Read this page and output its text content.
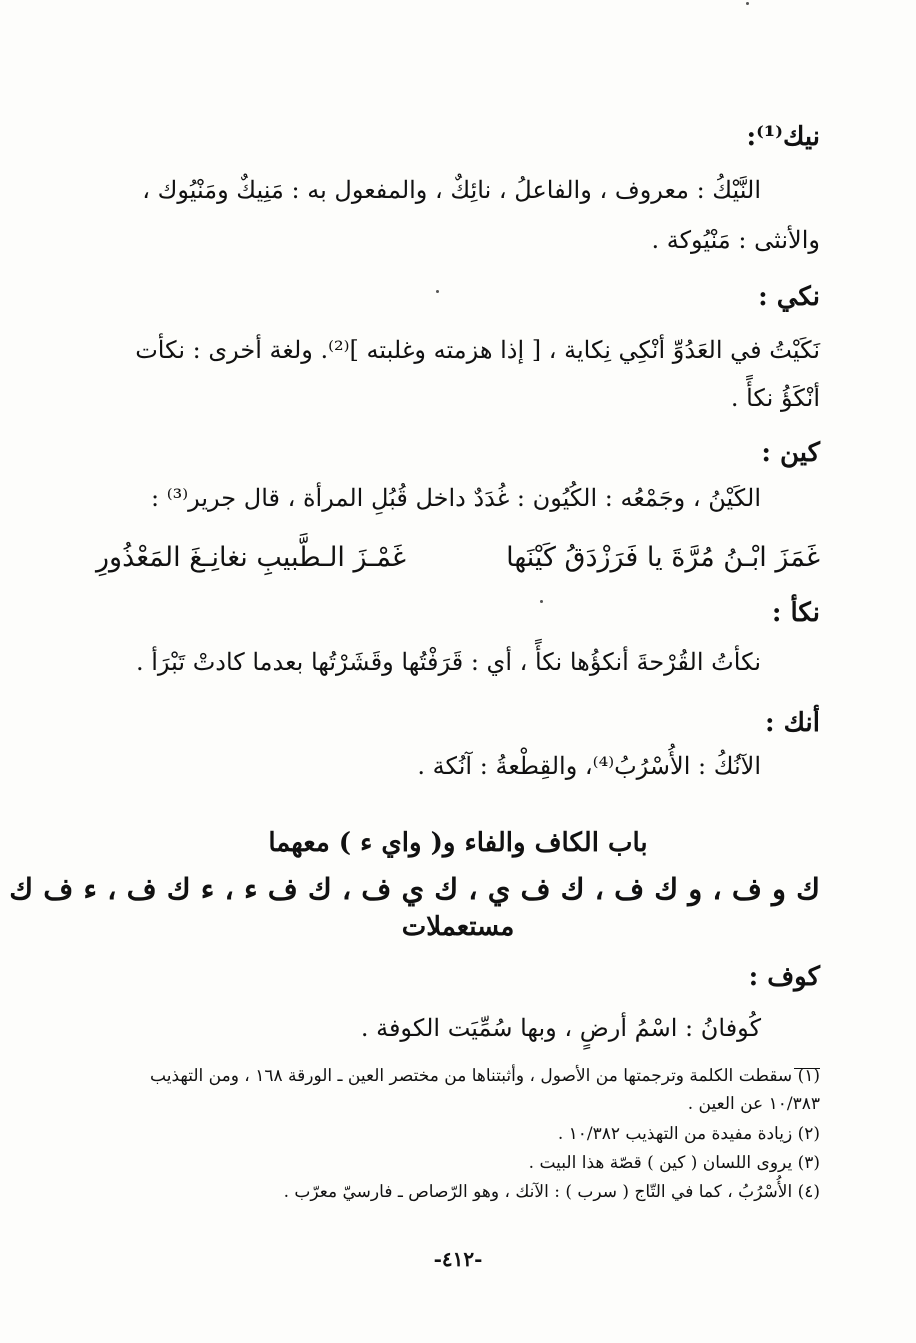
نيك⁽¹⁾:
النَّيْكُ : معروف ، والفاعلُ ، نائِكٌ ، والمفعول به : مَنِيكٌ ومَنْيُوك ،
والأنثى : مَنْيُوكة .
نكي :
نَكَيْتُ في العَدُوِّ أنْكِي نِكاية ، [ إذا هزمته وغلبته ]⁽²⁾. ولغة أخرى : نكأت
أنْكَؤُ نكأً .
كين :
الكَيْنُ ، وجَمْعُه : الكُيُون : غُدَدٌ داخل قُبُلِ المرأة ، قال جرير⁽³⁾ :
غَمَزَ ابْـنُ مُرَّةَ يا فَرَزْدَقُ كَيْنَها
غَمْـزَ الـطَّبيبِ نغانِـغَ المَعْذُورِ
نكأ :
نكأتُ القُرْحةَ أنكؤُها نكأً ، أي : قَرَفْتُها وقَشَرْتُها بعدما كادتْ تَبْرَأ .
أنك :
الآنُكُ : الأُسْرُبُ⁽⁴⁾، والقِطْعةُ : آنُكة .
باب الكاف والفاء و( واي ء ) معهما
ك و ف ، و ك ف ، ك ف ي ، ك ي ف ، ك ف ء ، ء ك ف ، ء ف ك
مستعملات
كوف :
كُوفانُ : اسْمُ أرضٍ ، وبها سُمِّيَت الكوفة .
(١) سقطت الكلمة وترجمتها من الأصول ، وأثبتناها من مختصر العين ـ الورقة ١٦٨ ، ومن التهذيب
١٠/٣٨٣ عن العين .
(٢) زيادة مفيدة من التهذيب ١٠/٣٨٢ .
(٣) يروى اللسان ( كين ) قصّة هذا البيت .
(٤) الأُسْرُبُ ، كما في التّاج ( سرب ) : الآنك ، وهو الرّصاص ـ فارسيّ معرّب .
-٤١٢-
